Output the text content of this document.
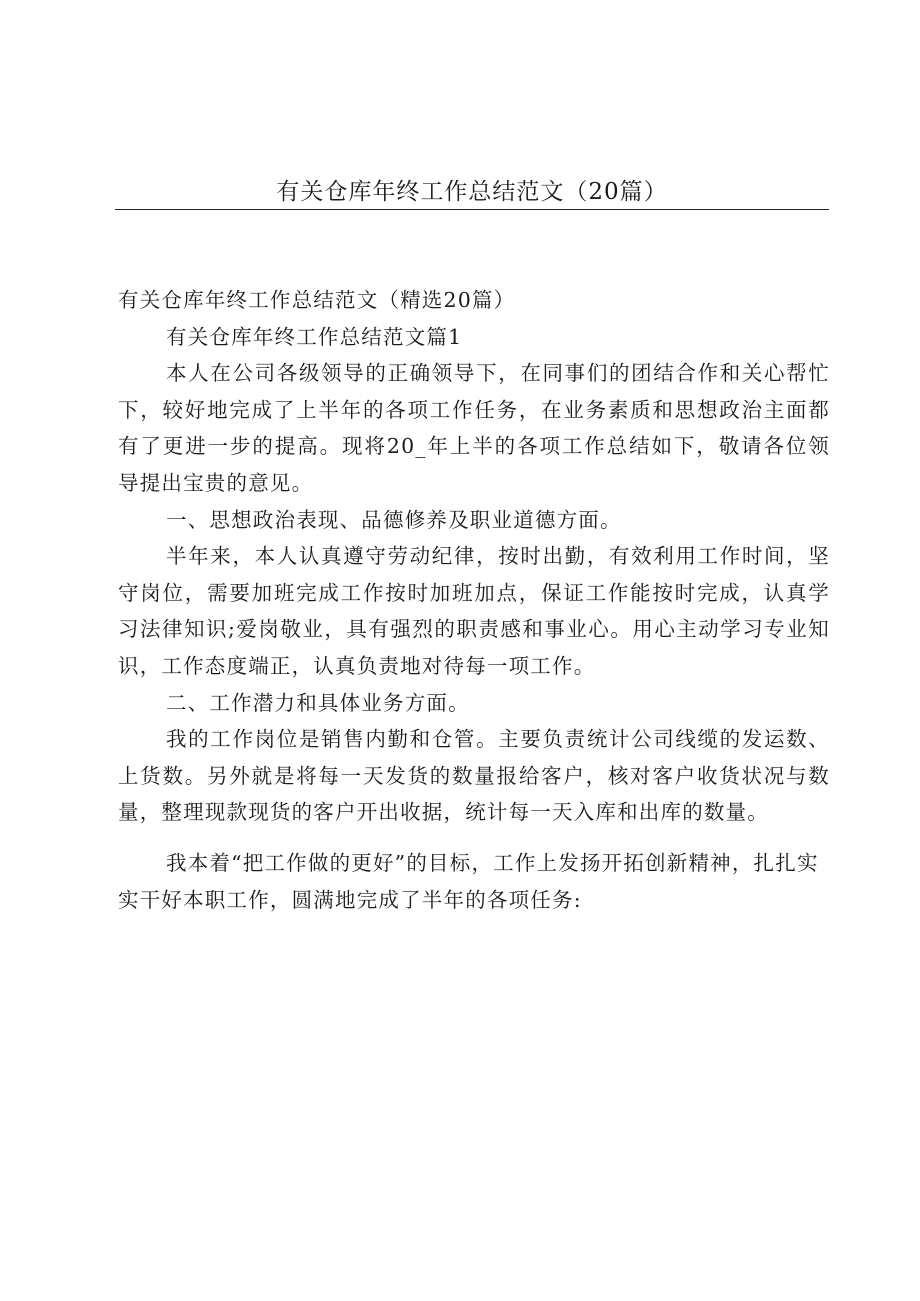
有关仓库年终工作总结范文（20篇）

有关仓库年终工作总结范文（精选20篇）

有关仓库年终工作总结范文篇1

本人在公司各级领导的正确领导下，在同事们的团结合作和关心帮忙下，较好地完成了上半年的各项工作任务，在业务素质和思想政治主面都有了更进一步的提高。现将20_年上半的各项工作总结如下，敬请各位领导提出宝贵的意见。

一、思想政治表现、品德修养及职业道德方面。

半年来，本人认真遵守劳动纪律，按时出勤，有效利用工作时间，坚守岗位，需要加班完成工作按时加班加点，保证工作能按时完成，认真学习法律知识;爱岗敬业，具有强烈的职责感和事业心。用心主动学习专业知识，工作态度端正，认真负责地对待每一项工作。

二、工作潜力和具体业务方面。

我的工作岗位是销售内勤和仓管。主要负责统计公司线缆的发运数、上货数。另外就是将每一天发货的数量报给客户，核对客户收货状况与数量，整理现款现货的客户开出收据，统计每一天入库和出库的数量。

我本着“把工作做的更好”的目标，工作上发扬开拓创新精神，扎扎实实干好本职工作，圆满地完成了半年的各项任务:
